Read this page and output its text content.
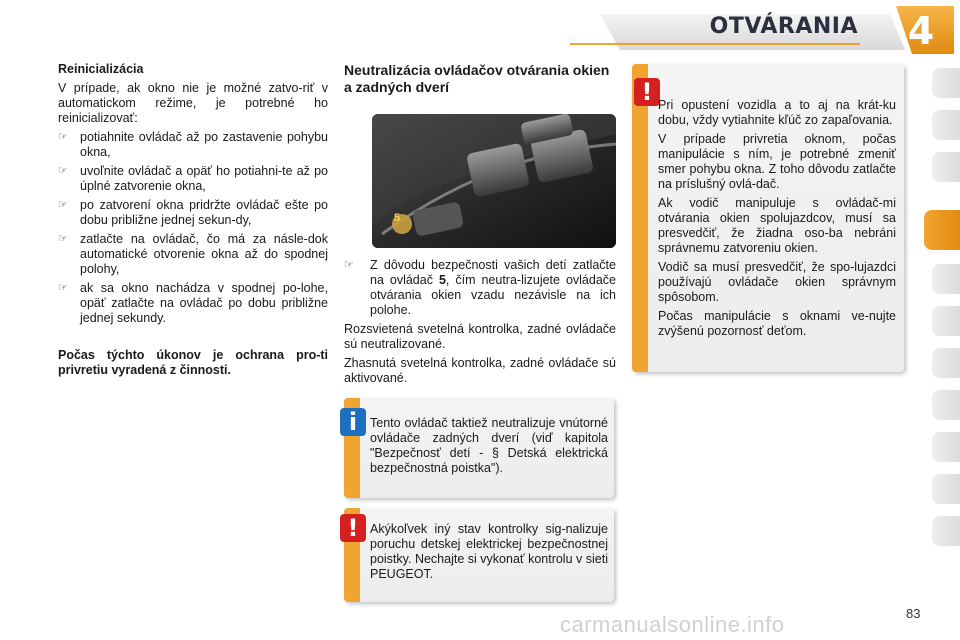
OTVÁRANIA 4
Reinicializácia

V prípade, ak okno nie je možné zatvo-riť v automatickom režime, je potrebné ho reinicializovať:

☞ potiahnite ovládač až po zastavenie pohybu okna,
☞ uvoľnite ovládač a opäť ho potiahni-te až po úplné zatvorenie okna,
☞ po zatvorení okna pridržte ovládač ešte po dobu približne jednej sekun-dy,
☞ zatlačte na ovládač, čo má za násle-dok automatické otvorenie okna až do spodnej polohy,
☞ ak sa okno nachádza v spodnej po-lohe, opäť zatlačte na ovládač po dobu približne jednej sekundy.

Počas týchto úkonov je ochrana pro-ti privretiu vyradená z činnosti.

Neutralizácia ovládačov otvárania okien a zadných dverí
5
☞ Z dôvodu bezpečnosti vašich detí zatlačte na ovládač 5, čím neutra-lizujete ovládače otvárania okien vzadu nezávisle na ich polohe.

Rozsvietená svetelná kontrolka, zadné ovládače sú neutralizované.

Zhasnutá svetelná kontrolka, zadné ovládače sú aktivované.

! Pri opustení vozidla a to aj na krát-ku dobu, vždy vytiahnite kľúč zo zapaľovania.

V prípade privretia oknom, počas manipulácie s ním, je potrebné zmeniť smer pohybu okna. Z toho dôvodu zatlačte na príslušný ovlá-dač.

Ak vodič manipuluje s ovládač-mi otvárania okien spolujazdcov, musí sa presvedčiť, že žiadna oso-ba nebráni správnemu zatvoreniu okien.

Vodič sa musí presvedčiť, že spo-lujazdci používajú ovládače okien správnym spôsobom.

Počas manipulácie s oknami ve-nujte zvýšenú pozornosť deťom.

i	Tento ovládač taktiež neutralizuje vnútorné ovládače zadných dverí (viď kapitola "Bezpečnosť detí - § Detská elektrická bezpečnostná poistka").
! Akýkoľvek iný stav kontrolky sig-nalizuje poruchu detskej elektrickej bezpečnostnej poistky. Nechajte si vykonať kontrolu v sieti PEUGEOT.
83
carmanualsonline.info
